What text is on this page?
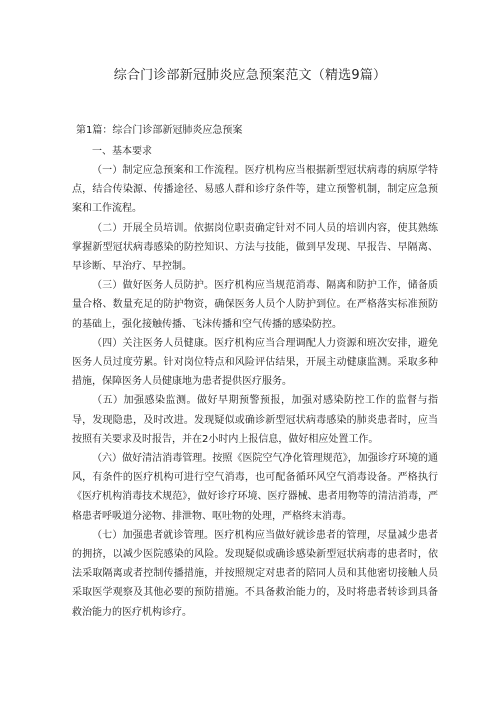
综合门诊部新冠肺炎应急预案范文（精选9篇）
第1篇：综合门诊部新冠肺炎应急预案
一、基本要求

（一）制定应急预案和工作流程。医疗机构应当根据新型冠状病毒的病原学特点，结合传染源、传播途径、易感人群和诊疗条件等，建立预警机制，制定应急预案和工作流程。

（二）开展全员培训。依据岗位职责确定针对不同人员的培训内容，使其熟练掌握新型冠状病毒感染的防控知识、方法与技能，做到早发现、早报告、早隔离、早诊断、早治疗、早控制。

（三）做好医务人员防护。医疗机构应当规范消毒、隔离和防护工作，储备质量合格、数量充足的防护物资，确保医务人员个人防护到位。在严格落实标准预防的基础上，强化接触传播、飞沫传播和空气传播的感染防控。

（四）关注医务人员健康。医疗机构应当合理调配人力资源和班次安排，避免医务人员过度劳累。针对岗位特点和风险评估结果，开展主动健康监测。采取多种措施，保障医务人员健康地为患者提供医疗服务。

（五）加强感染监测。做好早期预警预报，加强对感染防控工作的监督与指导，发现隐患，及时改进。发现疑似或确诊新型冠状病毒感染的肺炎患者时，应当按照有关要求及时报告，并在2小时内上报信息，做好相应处置工作。

（六）做好清洁消毒管理。按照《医院空气净化管理规范》，加强诊疗环境的通风，有条件的医疗机构可进行空气消毒，也可配备循环风空气消毒设备。严格执行《医疗机构消毒技术规范》，做好诊疗环境、医疗器械、患者用物等的清洁消毒，严格患者呼吸道分泌物、排泄物、呕吐物的处理，严格终末消毒。

（七）加强患者就诊管理。医疗机构应当做好就诊患者的管理，尽量减少患者的拥挤，以减少医院感染的风险。发现疑似或确诊感染新型冠状病毒的患者时，依法采取隔离或者控制传播措施，并按照规定对患者的陪同人员和其他密切接触人员采取医学观察及其他必要的预防措施。不具备救治能力的，及时将患者转诊到具备救治能力的医疗机构诊疗。
